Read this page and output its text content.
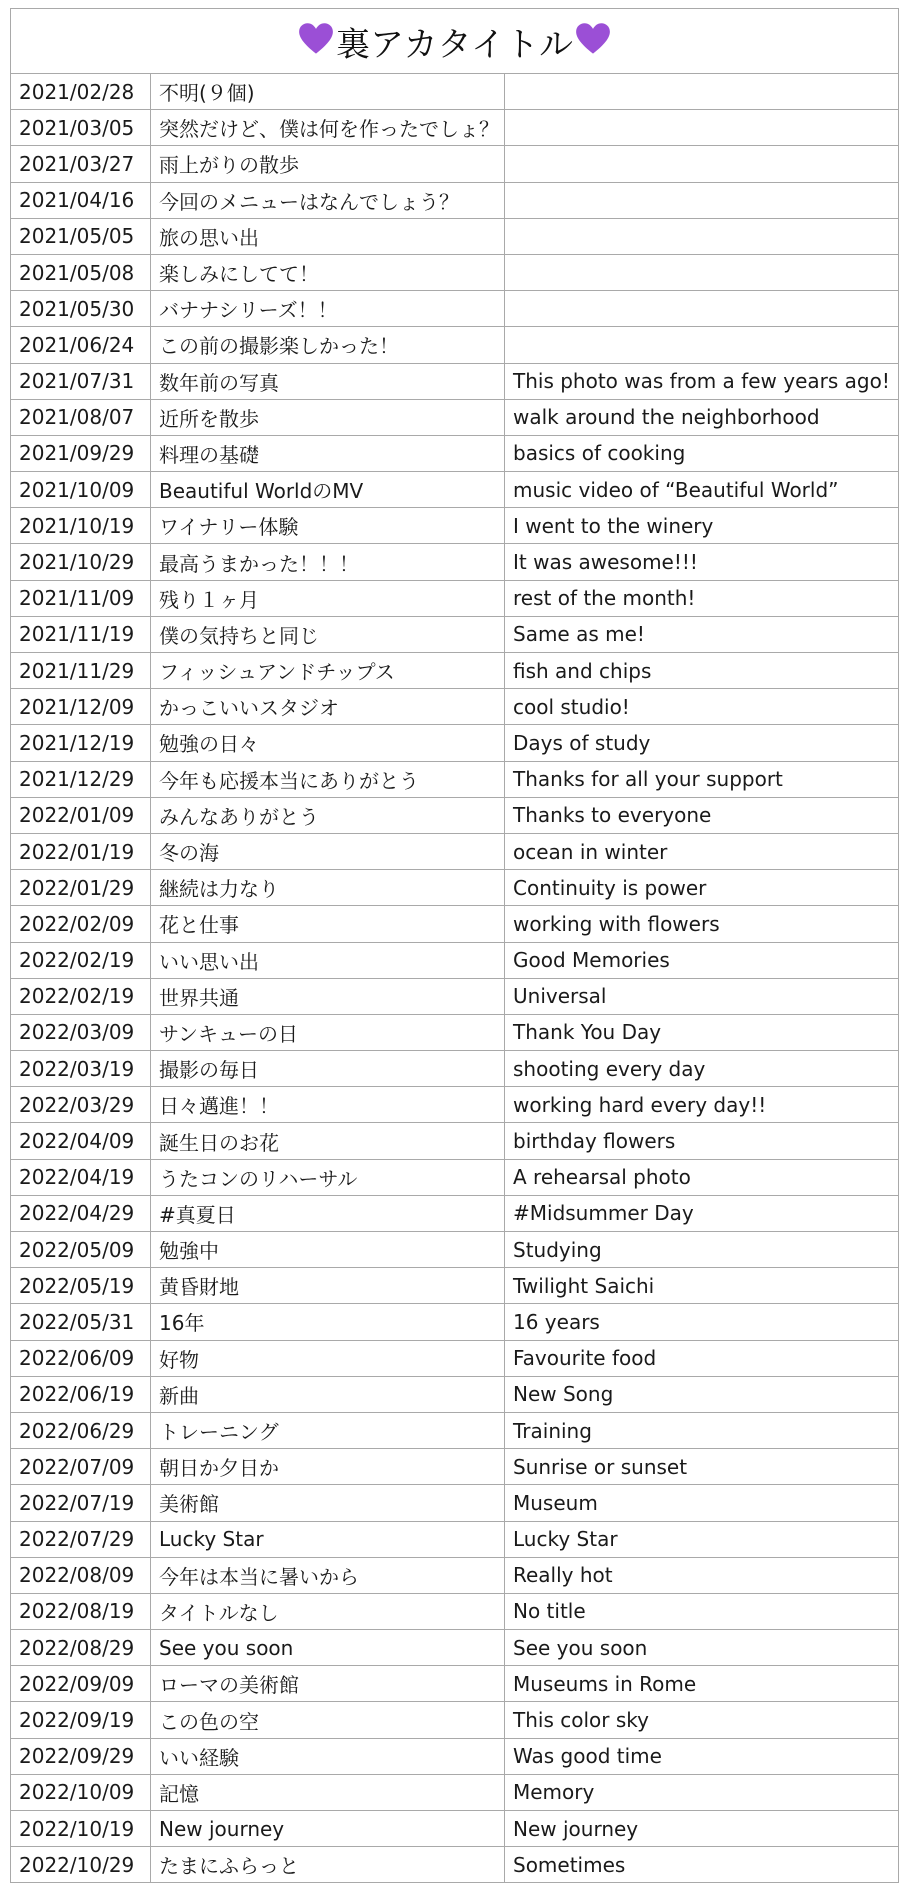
裏アカタイトル		
2021/02/28	不明(９個)	
2021/03/05	突然だけど、僕は何を作ったでしょ？	
2021/03/27	雨上がりの散歩	
2021/04/16	今回のメニューはなんでしょう？	
2021/05/05	旅の思い出	
2021/05/08	楽しみにしてて！	
2021/05/30	バナナシリーズ！！	
2021/06/24	この前の撮影楽しかった！	
2021/07/31	数年前の写真	This photo was from a few years ago!
2021/08/07	近所を散歩	walk around the neighborhood
2021/09/29	料理の基礎	basics of cooking
2021/10/09	Beautiful WorldのMV	music video of “Beautiful World”
2021/10/19	ワイナリー体験	I went to the winery
2021/10/29	最高うまかった！！！	It was awesome!!!
2021/11/09	残り１ヶ月	rest of the month!
2021/11/19	僕の気持ちと同じ	Same as me!
2021/11/29	フィッシュアンドチップス	fish and chips
2021/12/09	かっこいいスタジオ	cool studio!
2021/12/19	勉強の日々	Days of study
2021/12/29	今年も応援本当にありがとう	Thanks for all your support
2022/01/09	みんなありがとう	Thanks to everyone
2022/01/19	冬の海	ocean in winter
2022/01/29	継続は力なり	Continuity is power
2022/02/09	花と仕事	working with flowers
2022/02/19	いい思い出	Good Memories
2022/02/19	世界共通	Universal
2022/03/09	サンキューの日	Thank You Day
2022/03/19	撮影の毎日	shooting every day
2022/03/29	日々邁進！！	working hard every day!!
2022/04/09	誕生日のお花	birthday flowers
2022/04/19	うたコンのリハーサル	A rehearsal photo
2022/04/29	#真夏日	#Midsummer Day
2022/05/09	勉強中	Studying
2022/05/19	黄昏財地	Twilight Saichi
2022/05/31	16年	16 years
2022/06/09	好物	Favourite food
2022/06/19	新曲	New Song
2022/06/29	トレーニング	Training
2022/07/09	朝日か夕日か	Sunrise or sunset
2022/07/19	美術館	Museum
2022/07/29	Lucky Star	Lucky Star
2022/08/09	今年は本当に暑いから	Really hot
2022/08/19	タイトルなし	No title
2022/08/29	See you soon	See you soon
2022/09/09	ローマの美術館	Museums in Rome
2022/09/19	この色の空	This color sky
2022/09/29	いい経験	Was good time
2022/10/09	記憶	Memory
2022/10/19	New journey	New journey
2022/10/29	たまにふらっと	Sometimes
